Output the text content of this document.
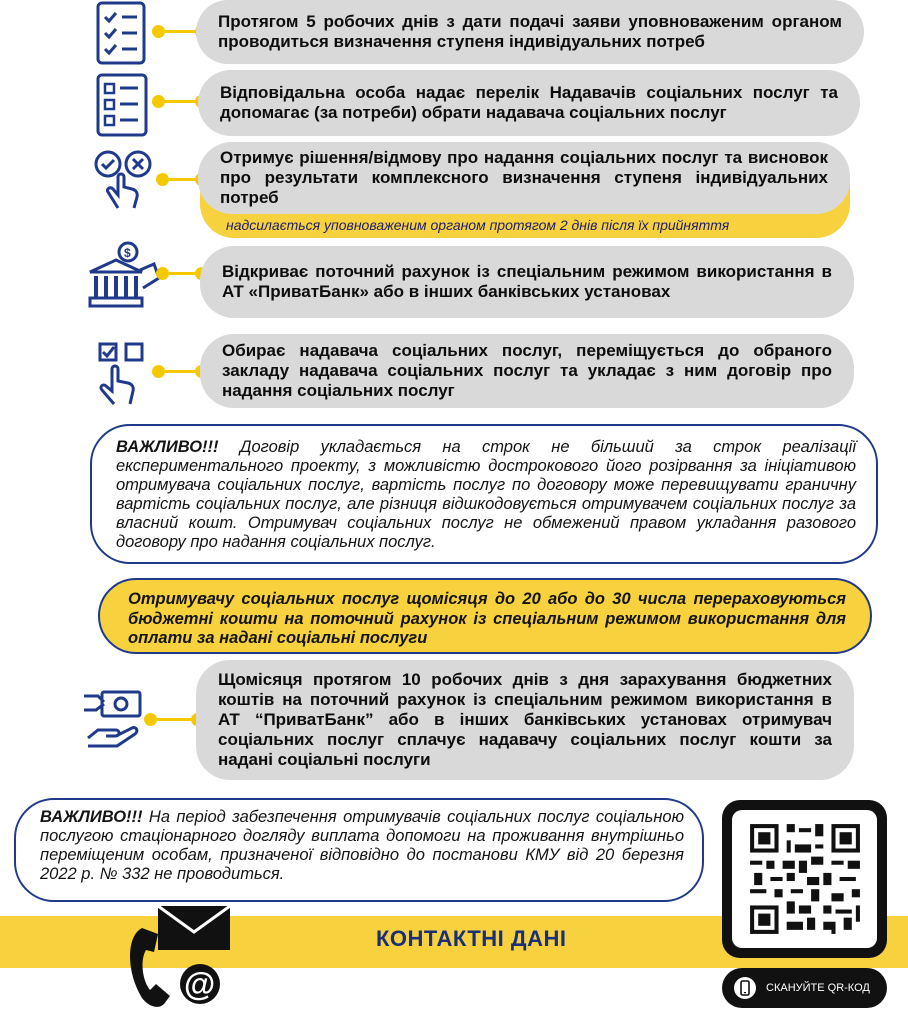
Протягом 5 робочих днів з дати подачі заяви уповноваженим органом проводиться визначення ступеня індивідуальних потреб
Відповідальна особа надає перелік Надавачів соціальних послуг та допомагає (за потреби) обрати надавача соціальних послуг
Отримує рішення/відмову про надання соціальних послуг та висновок про результати комплексного визначення ступеня індивідуальних потреб
надсилається уповноваженим органом протягом 2 днів після їх прийняття
$
Відкриває поточний рахунок із спеціальним режимом використання в АТ «ПриватБанк» або в інших банківських установах
Обирає надавача соціальних послуг, переміщується до обраного закладу надавача соціальних послуг та укладає з ним договір про надання соціальних послуг
ВАЖЛИВО!!! Договір укладається на строк не більший за строк реалізації експериментального проекту, з можливістю дострокового його розірвання за ініціативою отримувача соціальних послуг, вартість послуг по договору може перевищувати граничну вартість соціальних послуг, але різниця відшкодовується отримувачем соціальних послуг за власний кошт. Отримувач соціальних послуг не обмежений правом укладання разового договору про надання соціальних послуг.
Отримувачу соціальних послуг щомісяця до 20 або до 30 числа перераховуються бюджетні кошти на поточний рахунок із спеціальним режимом використання для оплати за надані соціальні послуги
Щомісяця протягом 10 робочих днів з дня зарахування бюджетних коштів на поточний рахунок із спеціальним режимом використання в АТ “ПриватБанк” або в інших банківських установах отримувач соціальних послуг сплачує надавачу соціальних послуг кошти за надані соціальні послуги
ВАЖЛИВО!!! На період забезпечення отримувачів соціальних послуг соціальною послугою стаціонарного догляду виплата допомоги на проживання внутрішньо переміщеним особам, призначеної відповідно до постанови КМУ від 20 березня 2022 р. № 332 не проводиться.
КОНТАКТНІ ДАНІ
@	СКАНУЙТЕ QR-КОД
